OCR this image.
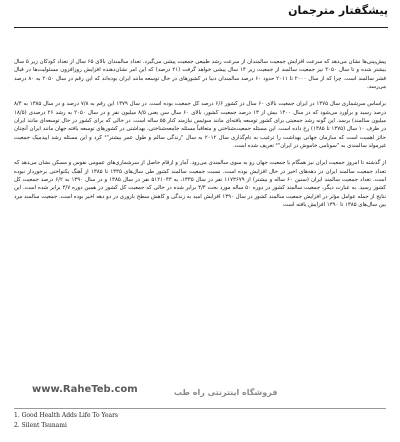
پیشگفتار مترجمان

پیش‌بینی‌ها نشان می‌دهد که سرعت افزایش جمعیت سالمندان از سرعت رشد طبیعی جمعیت پیشی می‌گیرد. تعداد سالمندان بالای ۶۵ سال از تعداد کودکان زیر ۵ سال بیشتر شده و تا سال ۲۰۵۰ نیز جمعیت سالمند از جمعیت زیر ۱۴ سال پیشی خواهد گرفت (۲۱ درصد) که این امر نشان‌دهنده افزایش روزافزون مسئولیت‌ها در قبال قشر سالمند است. چرا که از سال ۲۰۰۰ تا ۲۰۱۱ حدود ۶۰ درصد سالمندان دنیا در کشورهای در حال توسعه مانند ایران بوده‌اند که این رقم در سال ۲۰۵۰ به ۸۰ درصد می‌رسد.

براساس سرشماری سال ۱۳۷۵ در ایران جمعیت بالای ۶۰ سال در کشور ۶/۶ درصد کل جمعیت بوده است. در سال ۱۳۷۹ این رقم به ۷/۸ درصد و در سال ۱۳۸۵ به ۸/۴ درصد رسید و برآورد می‌شود که در سال ۱۴۰۰ بیش از ۱۳ درصد جمعیت کشور، بالای ۶۰ سال سن یعنی ۸/۵ میلیون نفر و در سال ۲۰۵۰ به رشد ۲۶ درصدی (۱۸/۵ میلیون سالمند) برسد. این گونه رشد جمعیتی برای کشور توسعه یافته‌ای مانند سوئیس نیازمند کنار ۵۵ ساله است. در حالی که برای کشور در حال توسعه‌ای مانند ایران در ظرف ۱۰ سال (۱۳۷۵ تا ۱۳۸۵) رخ داده است. این مسئله جمعیت‌شناختی و متعاقباً مسئله جامعه‌شناختی، بهداشتی در کشورهای توسعه یافته جهان مانند ایران آنچنان حائز اهمیت است که سازمان جهانی بهداشت را ترغیب به نام‌گذاری سال ۲۰۱۲ به سال "زندگی سالم و طول عمر بیشتر"¹ کرد و این مسئله رشد اپیدمیک جمعیت غیرمولد سالمندی به "سونامی خاموش در ایران"² تعریف شده است.

از گذشته تا امروز جمعیت ایران نیز همگام با جمعیت جهان رو به سوی سالمندی می‌رود. آمار و ارقام حاصل از سرشماری‌های عمومی نفوس و مسکن نشان می‌دهد که تعداد جمعیت سالمند ایران در دهه‌های اخیر در حال افزایش بوده است. نسبت جمعیت سالمند کشور طی سال‌های ۱۳۳۵ تا ۱۳۸۵ از آهنگ یکنواختی برخوردار نبوده است. تعداد جمعیت سالمند ایران (سنین ۶۰ ساله و بیشتر) از ۱۱۷۳۶۷۹ نفر در سال ۱۳۳۵، به ۵۱۲۱۰۴۳ نفر در سال ۱۳۸۵ و در سال ۱۳۹۰ به ۶/۲ درصد جمعیت کل کشور رسید. به عبارت دیگر، جمعیت سالمند کشور در دوره ۵۰ ساله مورد بحث ۴/۴ برابر شده در حالی که جمعیت کل کشور در همین دوره ۳/۷ برابر شده است. این نتایج از جمله عوامل مؤثر در افزایش جمعیت سالمند کشور در سال ۱۳۹۰ افزایش امید به زندگی و کاهش سطح باروری در دو دهه اخیر بوده است. جمعیت سالمند مرد بین سال‌های ۱۳۸۵ تا ۱۳۹۰ افزایش یافته است

www.RaheTeb.com	فروشگاه اینترنتی راه طب
1. Good Health Adds Life To Years
2. Silent Tsunami
